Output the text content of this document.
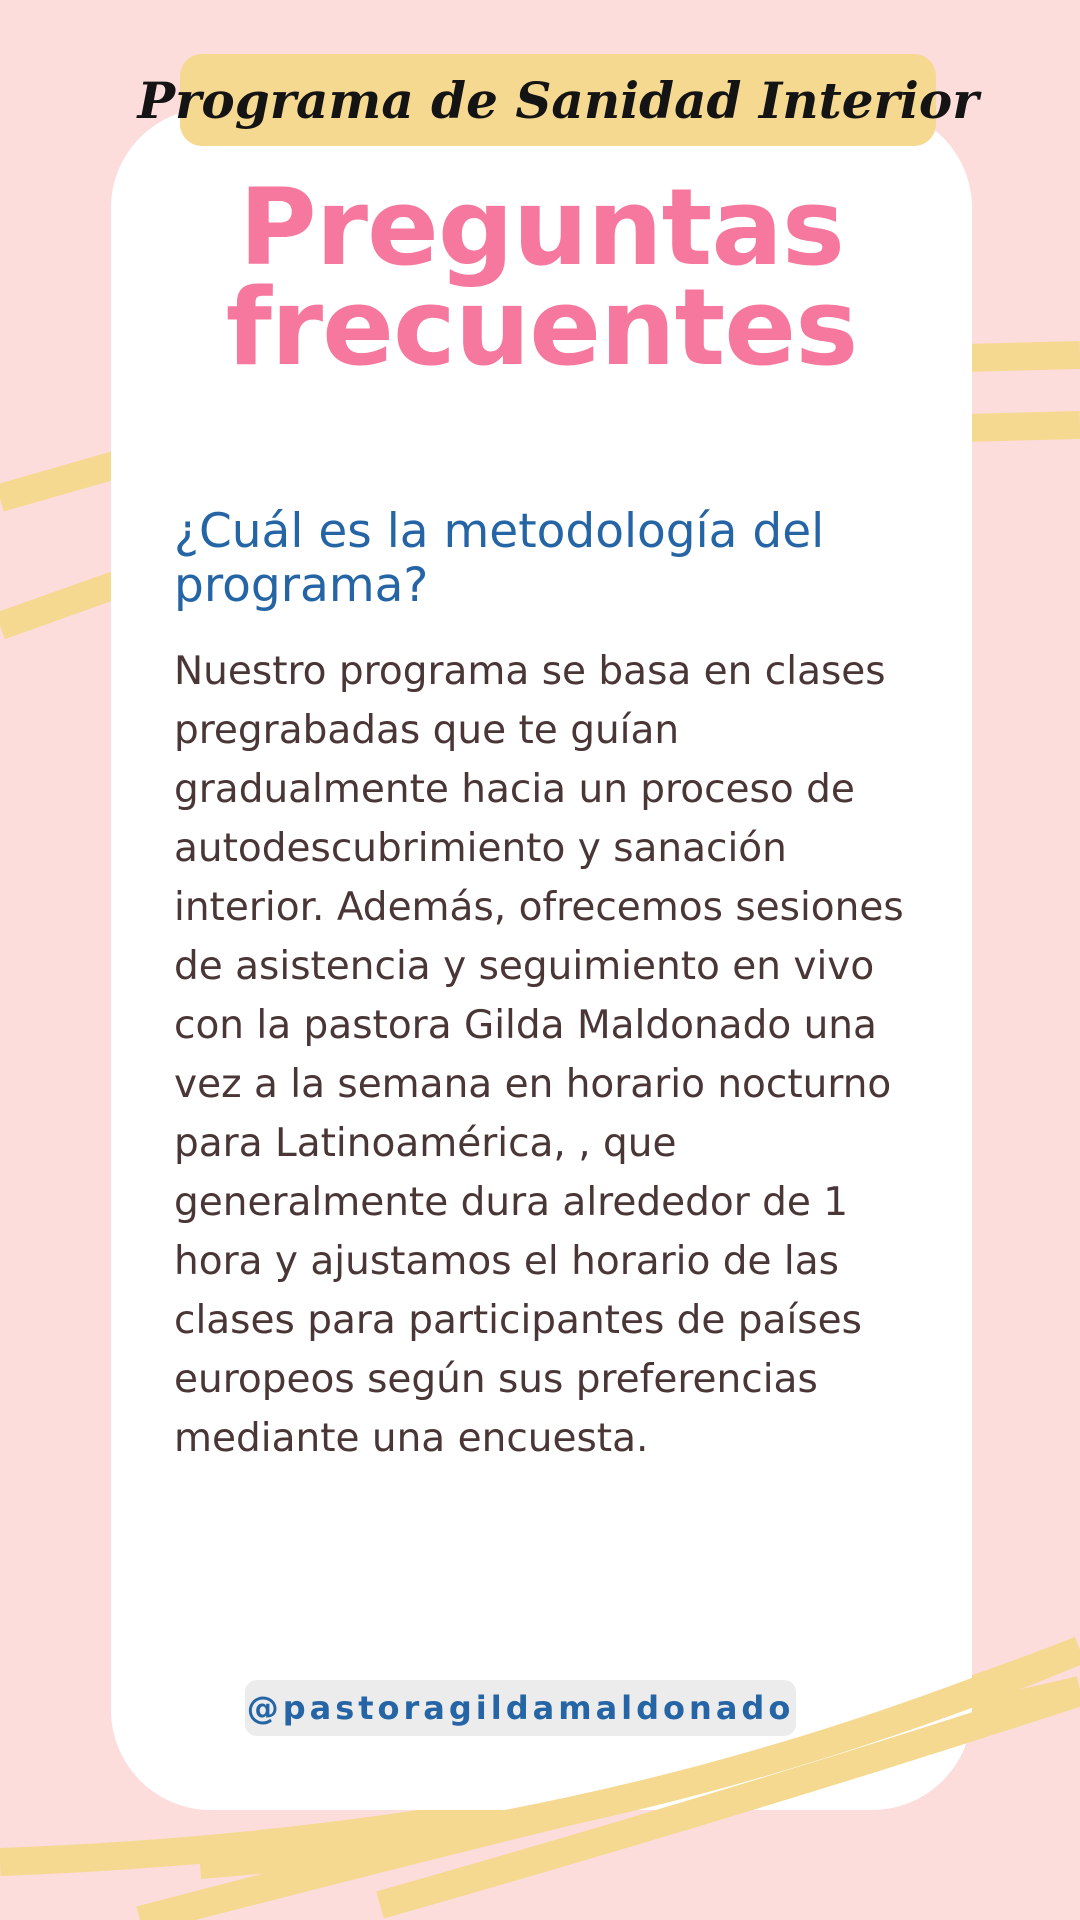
Programa de Sanidad Interior
Preguntas
frecuentes
¿Cuál es la metodología del programa?
Nuestro programa se basa en clases pregrabadas que te guían gradualmente hacia un proceso de autodescubrimiento y sanación interior. Además, ofrecemos sesiones de asistencia y seguimiento en vivo con la pastora Gilda Maldonado una vez a la semana en horario nocturno para Latinoamérica, , que generalmente dura alrededor de 1 hora y ajustamos el horario de las clases para participantes de países europeos según sus preferencias mediante una encuesta.
@pastoragildamaldonado
